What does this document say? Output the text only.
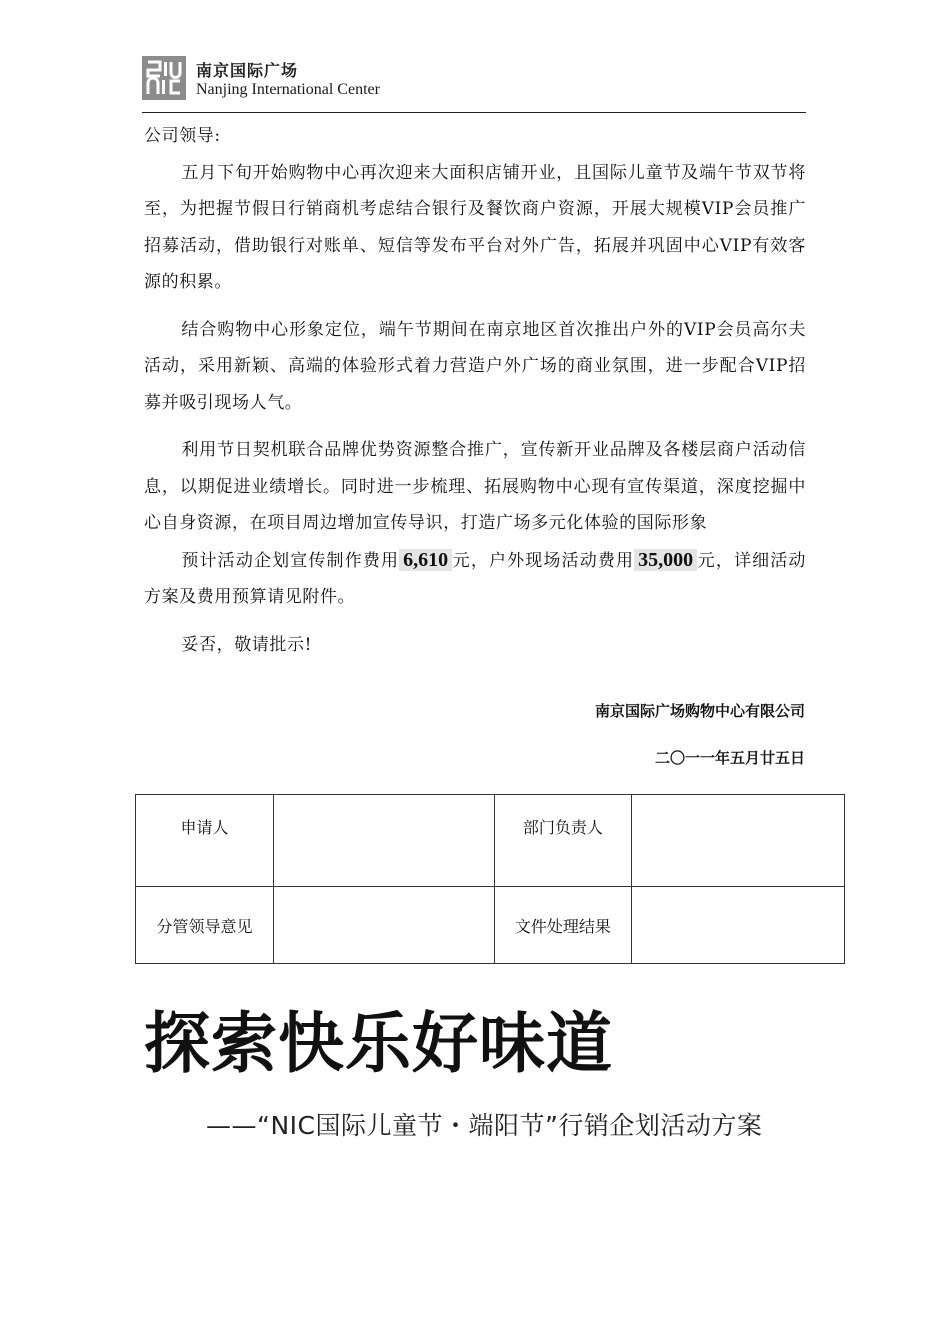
南京国际广场
Nanjing International Center

公司领导:

五月下旬开始购物中心再次迎来大面积店铺开业，且国际儿童节及端午节双节将至，为把握节假日行销商机考虑结合银行及餐饮商户资源，开展大规模VIP会员推广招募活动，借助银行对账单、短信等发布平台对外广告，拓展并巩固中心VIP有效客源的积累。

结合购物中心形象定位，端午节期间在南京地区首次推出户外的VIP会员高尔夫活动，采用新颖、高端的体验形式着力营造户外广场的商业氛围，进一步配合VIP招募并吸引现场人气。

利用节日契机联合品牌优势资源整合推广，宣传新开业品牌及各楼层商户活动信息，以期促进业绩增长。同时进一步梳理、拓展购物中心现有宣传渠道，深度挖掘中心自身资源，在项目周边增加宣传导识，打造广场多元化体验的国际形象

预计活动企划宣传制作费用 6,610 元，户外现场活动费用 35,000 元，详细活动方案及费用预算请见附件。

妥否，敬请批示!

南京国际广场购物中心有限公司
二〇一一年五月廿五日
申请人		部门负责人	
分管领导意见		文件处理结果	
探索快乐好味道
——“NIC国际儿童节・端阳节”行销企划活动方案
